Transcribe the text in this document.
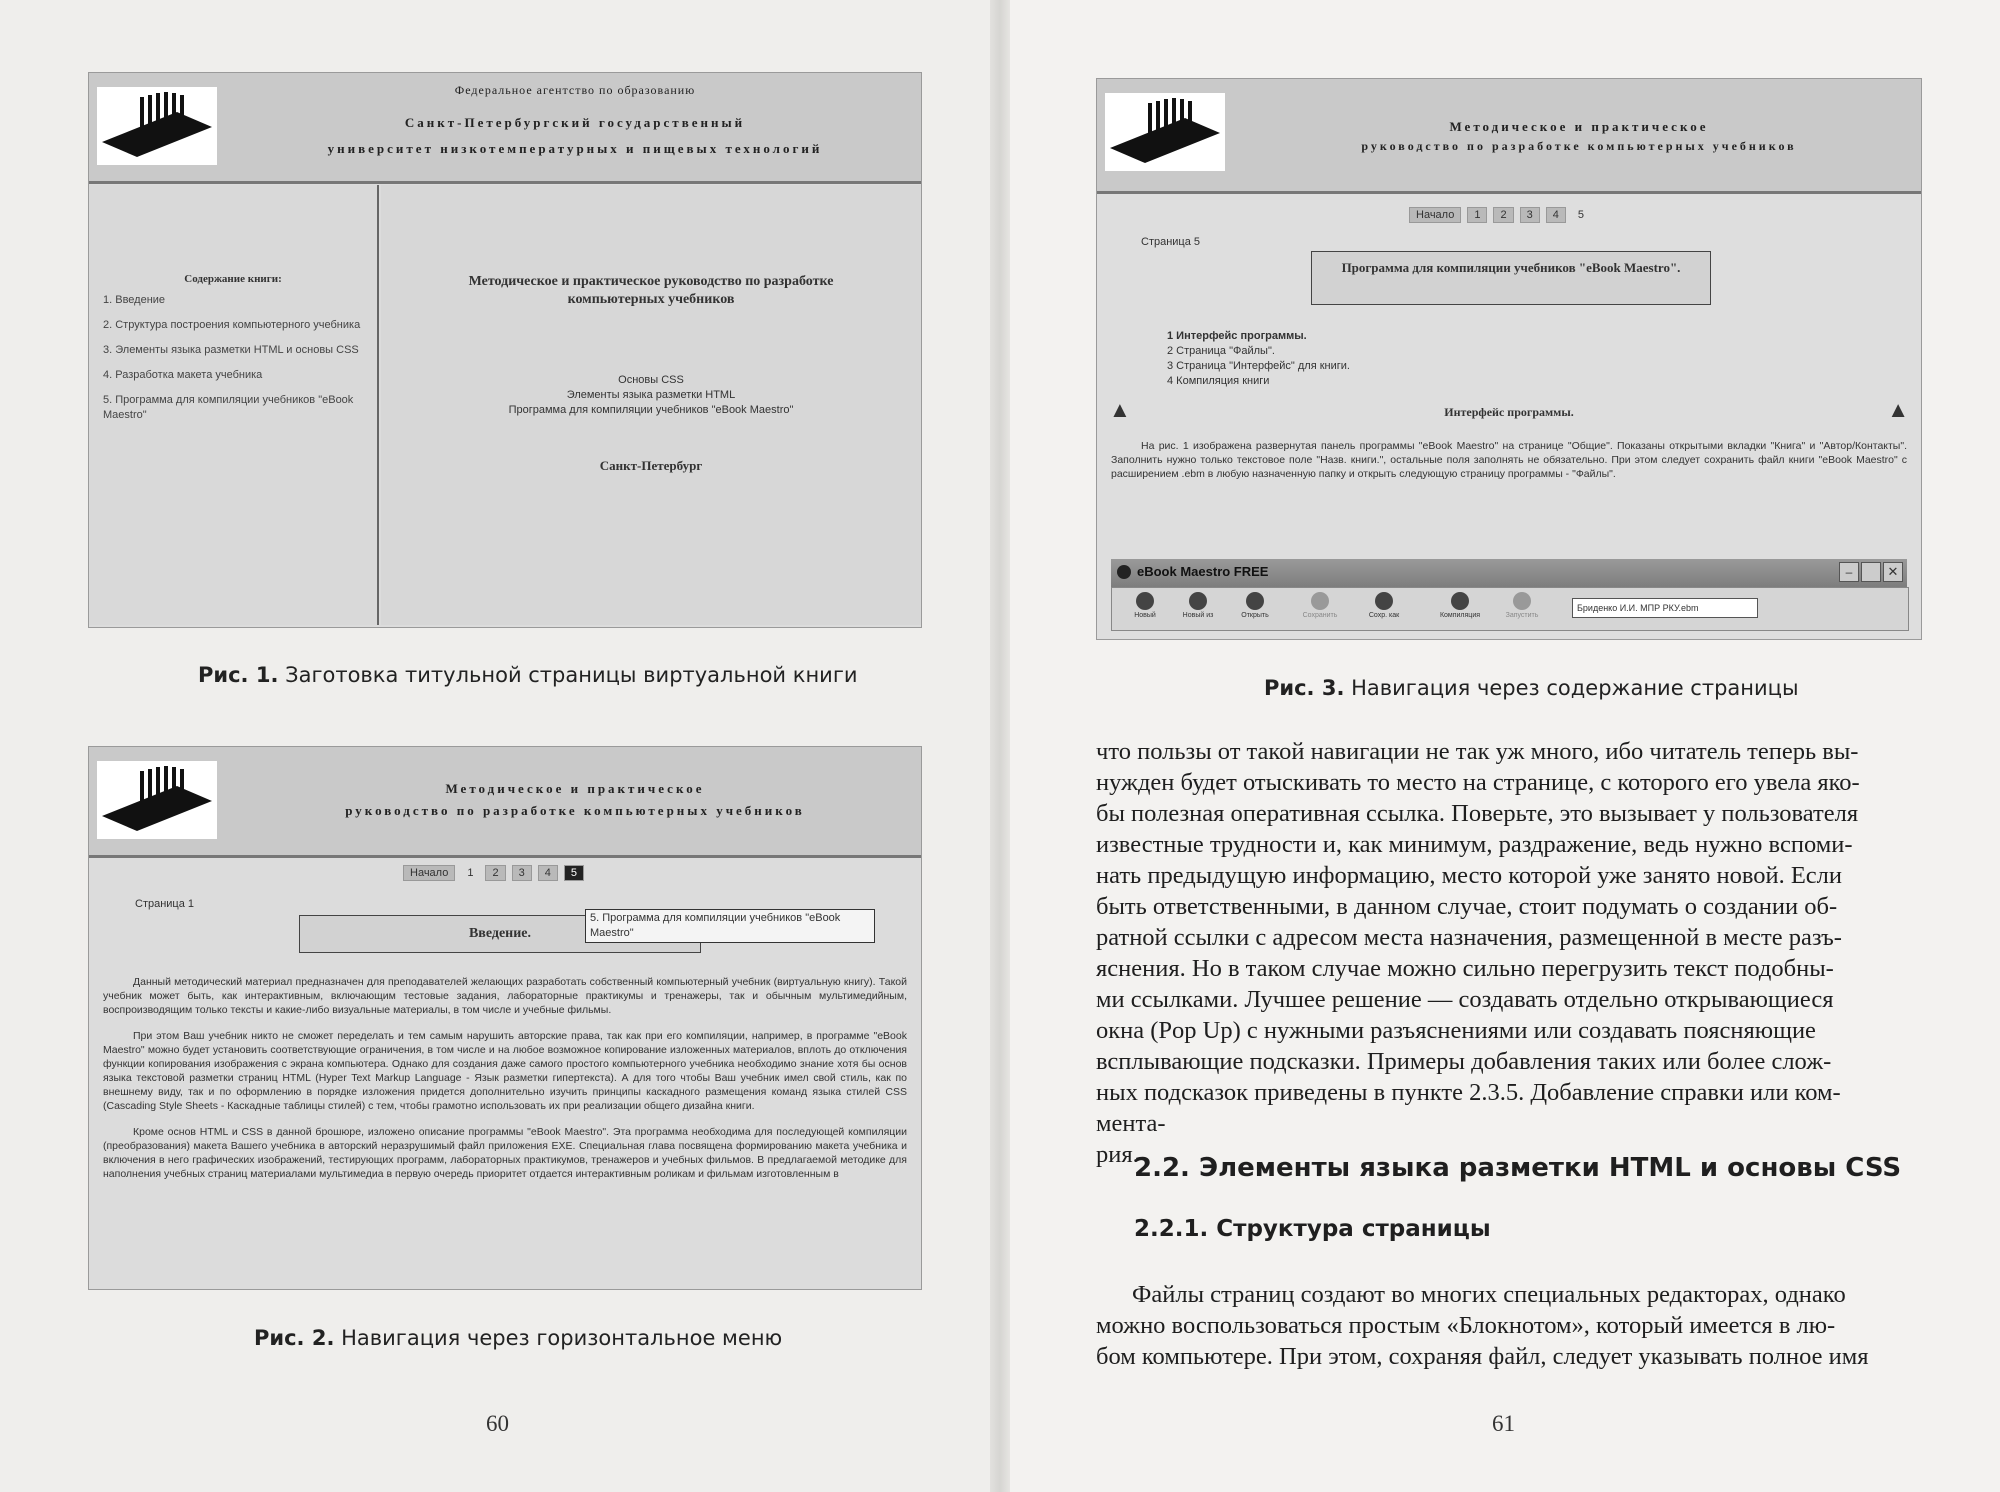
Федеральное агентство по образованию
Санкт-Петербургский государственный
университет низкотемпературных и пищевых технологий
Содержание книги:
1. Введение
2. Структура построения компьютерного учебника
3. Элементы языка разметки HTML и основы CSS
4. Разработка макета учебника
5. Программа для компиляции учебников "eBook Maestro"
Методическое и практическое руководство по разработке компьютерных учебников
Основы CSS
Элементы языка разметки HTML
Программа для компиляции учебников "eBook Maestro"
Санкт-Петербург
Рис. 1. Заготовка титульной страницы виртуальной книги
Методическое и практическое
руководство по разработке компьютерных учебников
Начало	1	2	3	4	5
Страница 1
Введение.
5. Программа для компиляции учебников "eBook Maestro"

Данный методический материал предназначен для преподавателей желающих разработать собственный компьютерный учебник (виртуальную книгу). Такой учебник может быть, как интерактивным, включающим тестовые задания, лабораторные практикумы и тренажеры, так и обычным мультимедийным, воспроизводящим только тексты и какие-либо визуальные материалы, в том числе и учебные фильмы.

При этом Ваш учебник никто не сможет переделать и тем самым нарушить авторские права, так как при его компиляции, например, в программе "eBook Maestro" можно будет установить соответствующие ограничения, в том числе и на любое возможное копирование изложенных материалов, вплоть до отключения функции копирования изображения с экрана компьютера. Однако для создания даже самого простого компьютерного учебника необходимо знание хотя бы основ языка текстовой разметки страниц HTML (Hyper Text Markup Language - Язык разметки гипертекста). А для того чтобы Ваш учебник имел свой стиль, как по внешнему виду, так и по оформлению в порядке изложения придется дополнительно изучить принципы каскадного размещения команд языка стилей CSS (Cascading Style Sheets - Каскадные таблицы стилей) с тем, чтобы грамотно использовать их при реализации общего дизайна книги.

Кроме основ HTML и CSS в данной брошюре, изложено описание программы "eBook Maestro". Эта программа необходима для последующей компиляции (преобразования) макета Вашего учебника в авторский неразрушимый файл приложения EXE. Специальная глава посвящена формированию макета учебника и включения в него графических изображений, тестирующих программ, лабораторных практикумов, тренажеров и учебных фильмов. В предлагаемой методике для наполнения учебных страниц материалами мультимедиа в первую очередь приоритет отдается интерактивным роликам и фильмам изготовленным в

Рис. 2. Навигация через горизонтальное меню
Методическое и практическое
руководство по разработке компьютерных учебников
Начало	1	2	3	4	5
Страница 5
Программа для компиляции учебников "eBook Maestro".
1 Интерфейс программы.
2 Страница "Файлы".
3 Страница "Интерфейс" для книги.
4 Компиляция книги
▲	▲
Интерфейс программы.
На рис. 1 изображена развернутая панель программы "eBook Maestro" на странице "Общие". Показаны открытыми вкладки "Книга" и "Автор/Контакты". Заполнить нужно только текстовое поле "Назв. книги.", остальные поля заполнять не обязательно. При этом следует сохранить файл книги "eBook Maestro" с расширением .ebm в любую назначенную папку и открыть следующую страницу программы - "Файлы".
eBook Maestro FREE	–	✕
Новый	Новый из	Открыть	Сохранить	Сохр. как	Компиляция	Запустить
Бриденко И.И. МПР РКУ.ebm
Рис. 3. Навигация через содержание страницы
что пользы от такой навигации не так уж много, ибо читатель теперь вы-
нужден будет отыскивать то место на странице, с которого его увела яко-
бы полезная оперативная ссылка. Поверьте, это вызывает у пользователя
известные трудности и, как минимум, раздражение, ведь нужно вспоми-
нать предыдущую информацию, место которой уже занято новой. Если
быть ответственными, в данном случае, стоит подумать о создании об-
ратной ссылки с адресом места назначения, размещенной в месте разъ-
яснения. Но в таком случае можно сильно перегрузить текст подобны-
ми ссылками. Лучшее решение — создавать отдельно открывающиеся
окна (Pop Up) с нужными разъяснениями или создавать поясняющие
всплывающие подсказки. Примеры добавления таких или более слож-
ных подсказок приведены в пункте 2.3.5. Добавление справки или ком-
мента-
рия.
2.2. Элементы языка разметки HTML и основы CSS
2.2.1. Структура страницы
Файлы страниц создают во многих специальных редакторах, однако
можно воспользоваться простым «Блокнотом», который имеется в лю-
бом компьютере. При этом, сохраняя файл, следует указывать полное имя
60	61
